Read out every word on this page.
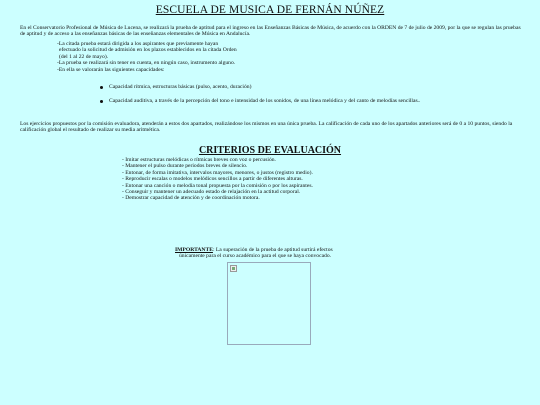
ESCUELA DE MUSICA DE FERNÁN NÚÑEZ
En el Conservatorio Profesional de Música de Lucena, se realizará la prueba de aptitud para el ingreso en las Enseñanzas Básicas de Música, de acuerdo con la ORDEN de 7 de julio de 2009, por la que se regulan las pruebas de aptitud y de acceso a las enseñanzas básicas de las enseñanzas elementales de Música en Andalucía.
-La citada prueba estará dirigida a los aspirantes que previamente hayan
efectuado la solicitud de admisión en los plazos establecidos en la citada Orden
(del 1 al 22 de mayo).
-La prueba se realizará sin tener en cuenta, en ningún caso, instrumento alguno.
-En ella se valorarán las siguientes capacidades:
Capacidad rítmica, estructuras básicas (pulso, acento, duración)
Capacidad auditiva, a través de la percepción del tono e intensidad de los sonidos, de una línea melódica y del canto de melodías sencillas..
Los ejercicios propuestos por la comisión evaluadora, atenderán a estos dos apartados, realizándose los mismos en una única prueba. La calificación de cada uno de los apartados anteriores será de 0 a 10 puntos, siendo la calificación global el resultado de realizar su media aritmética.
CRITERIOS DE EVALUACIÓN
- Imitar estructuras melódicas o rítmicas breves con voz o percusión.
- Mantener el pulso durante periodos breves de silencio.
- Entonar, de forma imitativa, intervalos mayores, menores, o justos (registro medio).
- Reproducir escalas o modelos melódicos sencillos a partir de diferentes alturas.
- Entonar una canción o melodía tonal propuesta por la comisión o por los aspirantes.
- Conseguir y mantener un adecuado estado de relajación en la actitud corporal.
- Demostrar capacidad de atención y de coordinación motora.
IMPORTANTE: La superación de la prueba de aptitud surtirá efectos
únicamente para el curso académico para el que se haya convocado.
